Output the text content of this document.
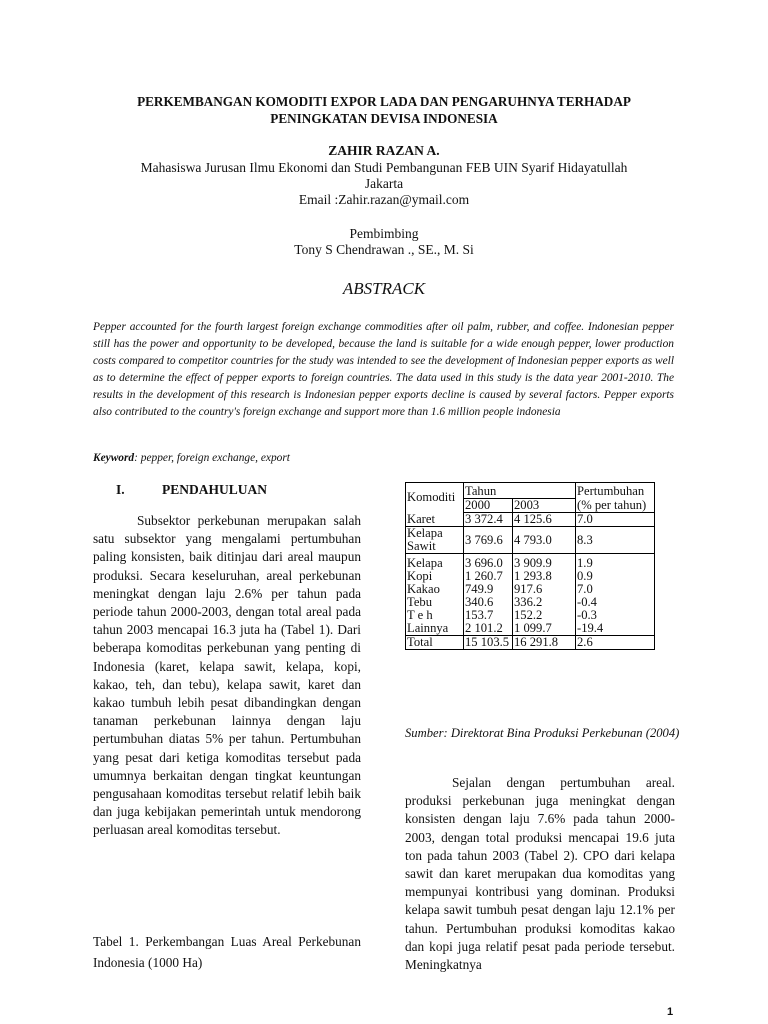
PERKEMBANGAN KOMODITI EXPOR LADA DAN PENGARUHNYA TERHADAP
PENINGKATAN DEVISA INDONESIA
ZAHIR RAZAN A.
Mahasiswa Jurusan Ilmu Ekonomi dan Studi Pembangunan FEB UIN Syarif Hidayatullah
Jakarta
Email :Zahir.razan@ymail.com
Pembimbing
Tony S Chendrawan ., SE., M. Si
ABSTRACK
Pepper accounted for the fourth largest foreign exchange commodities after oil palm, rubber, and coffee. Indonesian pepper still has the power and opportunity to be developed, because the land is suitable for a wide enough pepper, lower production costs compared to competitor countries for the study was intended to see the development of Indonesian pepper exports as well as to determine the effect of pepper exports to foreign countries. The data used in this study is the data year 2001-2010. The results in the development of this research is Indonesian pepper exports decline is caused by several factors. Pepper exports also contributed to the country's foreign exchange and support more than 1.6 million people indonesia
Keyword: pepper, foreign exchange, export
I.	PENDAHULUAN

Subsektor perkebunan merupakan salah satu subsektor yang mengalami pertumbuhan paling konsisten, baik ditinjau dari areal maupun produksi. Secara keseluruhan, areal perkebunan meningkat dengan laju 2.6% per tahun pada periode tahun 2000-2003, dengan total areal pada tahun 2003 mencapai 16.3 juta ha (Tabel 1). Dari beberapa komoditas perkebunan yang penting di Indonesia (karet, kelapa sawit, kelapa, kopi, kakao, teh, dan tebu), kelapa sawit, karet dan kakao tumbuh lebih pesat dibandingkan dengan tanaman perkebunan lainnya dengan laju pertumbuhan diatas 5% per tahun. Pertumbuhan yang pesat dari ketiga komoditas tersebut pada umumnya berkaitan dengan tingkat keuntungan pengusahaan komoditas tersebut relatif lebih baik dan juga kebijakan pemerintah untuk mendorong perluasan areal komoditas tersebut.

Tabel 1. Perkembangan Luas Areal Perkebunan Indonesia (1000 Ha)
Komoditi	Tahun		Pertumbuhan
	2000	2003	(% per tahun)
Karet	3 372.4	4 125.6	7.0
Kelapa Sawit	3 769.6	4 793.0	8.3
Kelapa	3 696.0	3 909.9	1.9
Kopi	1 260.7	1 293.8	0.9
Kakao	749.9	917.6	7.0
Tebu	340.6	336.2	-0.4
T e h	153.7	152.2	-0.3
Lainnya	2 101.2	1 099.7	-19.4
Total	15 103.5	16 291.8	2.6
Sumber: Direktorat Bina Produksi Perkebunan (2004)

Sejalan dengan pertumbuhan areal. produksi perkebunan juga meningkat dengan konsisten dengan laju 7.6% pada tahun 2000-2003, dengan total produksi mencapai 19.6 juta ton pada tahun 2003 (Tabel 2). CPO dari kelapa sawit dan karet merupakan dua komoditas yang mempunyai kontribusi yang dominan. Produksi kelapa sawit tumbuh pesat dengan laju 12.1% per tahun. Pertumbuhan produksi komoditas kakao dan kopi juga relatif pesat pada periode tersebut. Meningkatnya

1
